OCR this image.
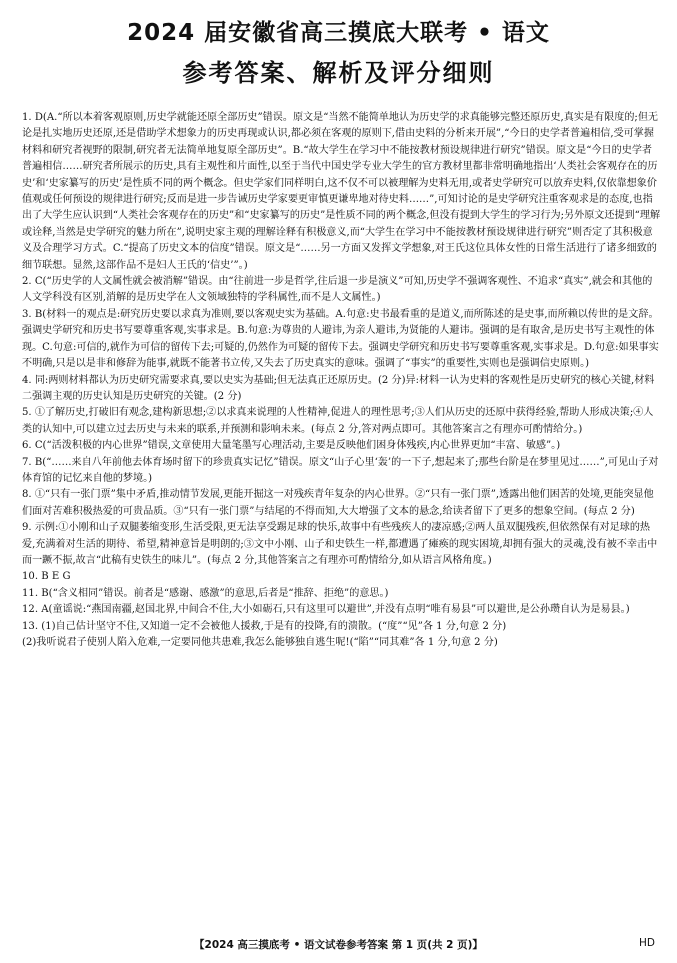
2024 届安徽省高三摸底大联考 • 语文
参考答案、解析及评分细则

1. D(A.“所以本着客观原则,历史学就能还原全部历史”错误。原文是“当然不能简单地认为历史学的求真能够完整还原历史,真实是有限度的;但无论是扎实地历史还原,还是借助学术想象力的历史再现或认识,都必须在客观的原则下,借由史料的分析来开展”,“今日的史学者普遍相信,受可掌握材料和研究者视野的限制,研究者无法简单地复原全部历史”。B.“故大学生在学习中不能按教材预设规律进行研究”错误。原文是“今日的史学者普遍相信……研究者所展示的历史,具有主观性和片面性,以至于当代中国史学专业大学生的官方教材里都非常明确地指出‘人类社会客观存在的历史’和‘史家纂写的历史’是性质不同的两个概念。但史学家们同样明白,这不仅不可以被理解为史料无用,或者史学研究可以放弃史料,仅依靠想象价值观或任何预设的规律进行研究;反而是进一步告诫历史学家要更审慎更谦卑地对待史料……”,可知讨论的是史学研究注重客观求是的态度,也指出了大学生应认识到“人类社会客观存在的历史”和“史家纂写的历史”是性质不同的两个概念,但没有提到大学生的学习行为;另外原文还提到“理解或诠释,当然是史学研究的魅力所在”,说明史家主观的理解诠释有积极意义,而“大学生在学习中不能按教材预设规律进行研究”则否定了其积极意义及合理学习方式。C.“提高了历史文本的信度”错误。原文是“……另一方面又发挥文学想象,对王氏这位具体女性的日常生活进行了诸多细致的细节联想。显然,这部作品不是妇人王氏的‘信史’”。)

2. C(“历史学的人文属性就会被消解”错误。由“往前进一步是哲学,往后退一步是演义”可知,历史学不强调客观性、不追求“真实”,就会和其他的人文学科没有区别,消解的是历史学在人文领域独特的学科属性,而不是人文属性。)

3. B(材料一的观点是:研究历史要以求真为准则,要以客观史实为基础。A.句意:史书最看重的是道义,而所陈述的是史事,而所赖以传世的是文辞。强调史学研究和历史书写要尊重客观,实事求是。B.句意:为尊贵的人避讳,为亲人避讳,为贤能的人避讳。强调的是有取舍,是历史书写主观性的体现。C.句意:可信的,就作为可信的留传下去;可疑的,仍然作为可疑的留传下去。强调史学研究和历史书写要尊重客观,实事求是。D.句意:如果事实不明确,只是以是非和修辞为能事,就既不能著书立传,又失去了历史真实的意味。强调了“事实”的重要性,实则也是强调信史原则。)

4. 同:两则材料都认为历史研究需要求真,要以史实为基础;但无法真正还原历史。(2 分)异:材料一认为史料的客观性是历史研究的核心关键,材料二强调主观的历史认知是历史研究的关键。(2 分)

5. ①了解历史,打破旧有观念,建构新思想;②以求真来说理的人性精神,促进人的理性思考;③人们从历史的还原中获得经验,帮助人形成决策;④人类的认知中,可以建立过去历史与未来的联系,并预测和影响未来。(每点 2 分,答对两点即可。其他答案言之有理亦可酌情给分。)

6. C(“活泼积极的内心世界”错误,文章使用大量笔墨写心理活动,主要是反映他们困身体残疾,内心世界更加“丰富、敏感”。)

7. B(“……来自八年前他去体育场时留下的珍贵真实记忆”错误。原文“山子心里‘轰’的一下子,想起来了;那些台阶是在梦里见过……”,可见山子对体育馆的记忆来自他的梦境。)

8. ①“只有一张门票”集中矛盾,推动情节发展,更能开掘这一对残疾青年复杂的内心世界。②“只有一张门票”,透露出他们困苦的处境,更能突显他们面对苦难积极热爱的可贵品质。③“只有一张门票”与结尾的不得而知,大大增强了文本的悬念,给读者留下了更多的想象空间。(每点 2 分)

9. 示例:①小刚和山子双腿萎缩变形,生活受限,更无法享受踢足球的快乐,故事中有些残疾人的凄凉感;②两人虽双腿残疾,但依然保有对足球的热爱,充满着对生活的期待、希望,精神意旨是明朗的;③文中小刚、山子和史铁生一样,都遭遇了瘫痪的现实困境,却拥有强大的灵魂,没有被不幸击中而一蹶不振,故言“此稿有史铁生的味儿”。(每点 2 分,其他答案言之有理亦可酌情给分,如从语言风格角度。)

10. B E G

11. B(“含义相同”错误。前者是“感谢、感激”的意思,后者是“推辞、拒绝”的意思。)

12. A(童谣说:“燕国南疆,赵国北界,中间合不住,大小如砺石,只有这里可以避世”,并没有点明“唯有易县”可以避世,是公孙瓒自认为是易县。)

13. (1)自己估计坚守不住,又知道一定不会被他人援救,于是有的投降,有的溃散。(“度”“见”各 1 分,句意 2 分)
(2)我听说君子使别人陷入危难,一定要同他共患难,我怎么能够独自逃生呢!(“陷”“同其难”各 1 分,句意 2 分)

【2024 高三摸底考 • 语文试卷参考答案 第 1 页(共 2 页)】	HD
